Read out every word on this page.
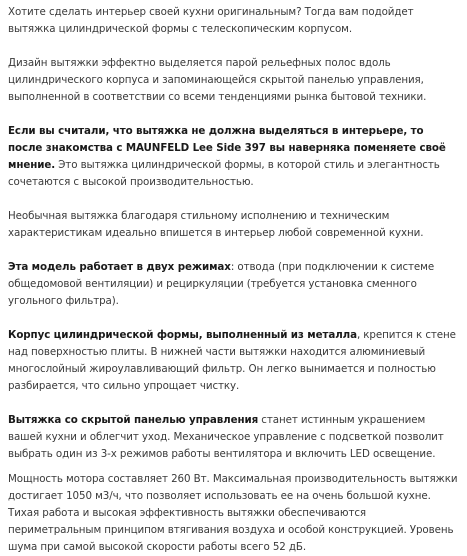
Хотите сделать интерьер своей кухни оригинальным? Тогда вам подойдет вытяжка цилиндрической формы с телескопическим корпусом.

Дизайн вытяжки эффектно выделяется парой рельефных полос вдоль цилиндрического корпуса и запоминающейся скрытой панелью управления, выполненной в соответствии со всеми тенденциями рынка бытовой техники.

Если вы считали, что вытяжка не должна выделяться в интерьере, то после знакомства с MAUNFELD Lee Side 397 вы наверняка поменяете своё мнение. Это вытяжка цилиндрической формы, в которой стиль и элегантность сочетаются с высокой производительностью.

Необычная вытяжка благодаря стильному исполнению и техническим характеристикам идеально впишется в интерьер любой современной кухни.

Эта модель работает в двух режимах: отвода (при подключении к системе общедомовой вентиляции) и рециркуляции (требуется установка сменного угольного фильтра).

Корпус цилиндрической формы, выполненный из металла, крепится к стене над поверхностью плиты. В нижней части вытяжки находится алюминиевый многослойный жироулавливающий фильтр. Он легко вынимается и полностью разбирается, что сильно упрощает чистку.

Вытяжка со скрытой панелью управления станет истинным украшением вашей кухни и облегчит уход. Механическое управление с подсветкой позволит выбрать один из 3-х режимов работы вентилятора и включить LED освещение.

Мощность мотора составляет 260 Вт. Максимальная производительность вытяжки достигает 1050 м3/ч, что позволяет использовать ее на очень большой кухне. Тихая работа и высокая эффективность вытяжки обеспечиваются периметральным принципом втягивания воздуха и особой конструкцией. Уровень шума при самой высокой скорости работы всего 52 дБ.
